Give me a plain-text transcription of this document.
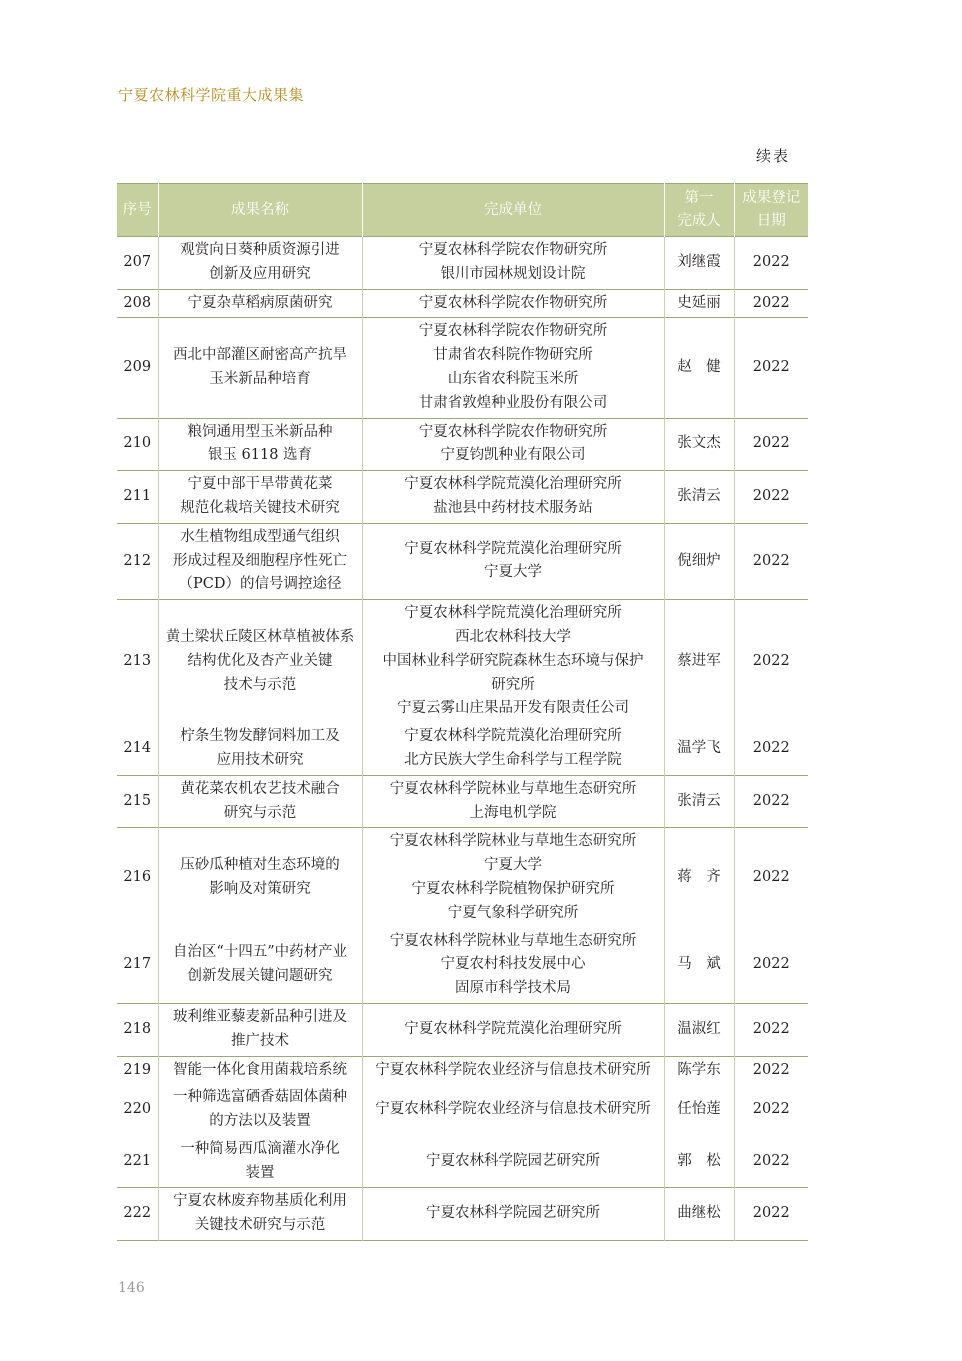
宁夏农林科学院重大成果集
续表
序号	成果名称	完成单位	第一
完成人	成果登记
日期

207	观赏向日葵种质资源引进
创新及应用研究	宁夏农林科学院农作物研究所
银川市园林规划设计院	刘继霞	2022
208	宁夏杂草稻病原菌研究	宁夏农林科学院农作物研究所	史延丽	2022
209	西北中部灌区耐密高产抗旱
玉米新品种培育	宁夏农林科学院农作物研究所
甘肃省农科院作物研究所
山东省农科院玉米所
甘肃省敦煌种业股份有限公司	赵　健	2022
210	粮饲通用型玉米新品种
银玉 6118 选育	宁夏农林科学院农作物研究所
宁夏钧凯种业有限公司	张文杰	2022
211	宁夏中部干旱带黄花菜
规范化栽培关键技术研究	宁夏农林科学院荒漠化治理研究所
盐池县中药材技术服务站	张清云	2022
212	水生植物组成型通气组织
形成过程及细胞程序性死亡
（PCD）的信号调控途径	宁夏农林科学院荒漠化治理研究所
宁夏大学	倪细炉	2022
213	黄土梁状丘陵区林草植被体系
结构优化及杏产业关键
技术与示范	宁夏农林科学院荒漠化治理研究所
西北农林科技大学
中国林业科学研究院森林生态环境与保护
研究所
宁夏云雾山庄果品开发有限责任公司	蔡进军	2022
214	柠条生物发酵饲料加工及
应用技术研究	宁夏农林科学院荒漠化治理研究所
北方民族大学生命科学与工程学院	温学飞	2022
215	黄花菜农机农艺技术融合
研究与示范	宁夏农林科学院林业与草地生态研究所
上海电机学院	张清云	2022
216	压砂瓜种植对生态环境的
影响及对策研究	宁夏农林科学院林业与草地生态研究所
宁夏大学
宁夏农林科学院植物保护研究所
宁夏气象科学研究所	蒋　齐	2022
217	自治区“十四五”中药材产业
创新发展关键问题研究	宁夏农林科学院林业与草地生态研究所
宁夏农村科技发展中心
固原市科学技术局	马　斌	2022
218	玻利维亚藜麦新品种引进及
推广技术	宁夏农林科学院荒漠化治理研究所	温淑红	2022
219	智能一体化食用菌栽培系统	宁夏农林科学院农业经济与信息技术研究所	陈学东	2022
220	一种筛选富硒香菇固体菌种
的方法以及装置	宁夏农林科学院农业经济与信息技术研究所	任怡莲	2022
221	一种简易西瓜滴灌水净化
装置	宁夏农林科学院园艺研究所	郭　松	2022
222	宁夏农林废弃物基质化利用
关键技术研究与示范	宁夏农林科学院园艺研究所	曲继松	2022
146
